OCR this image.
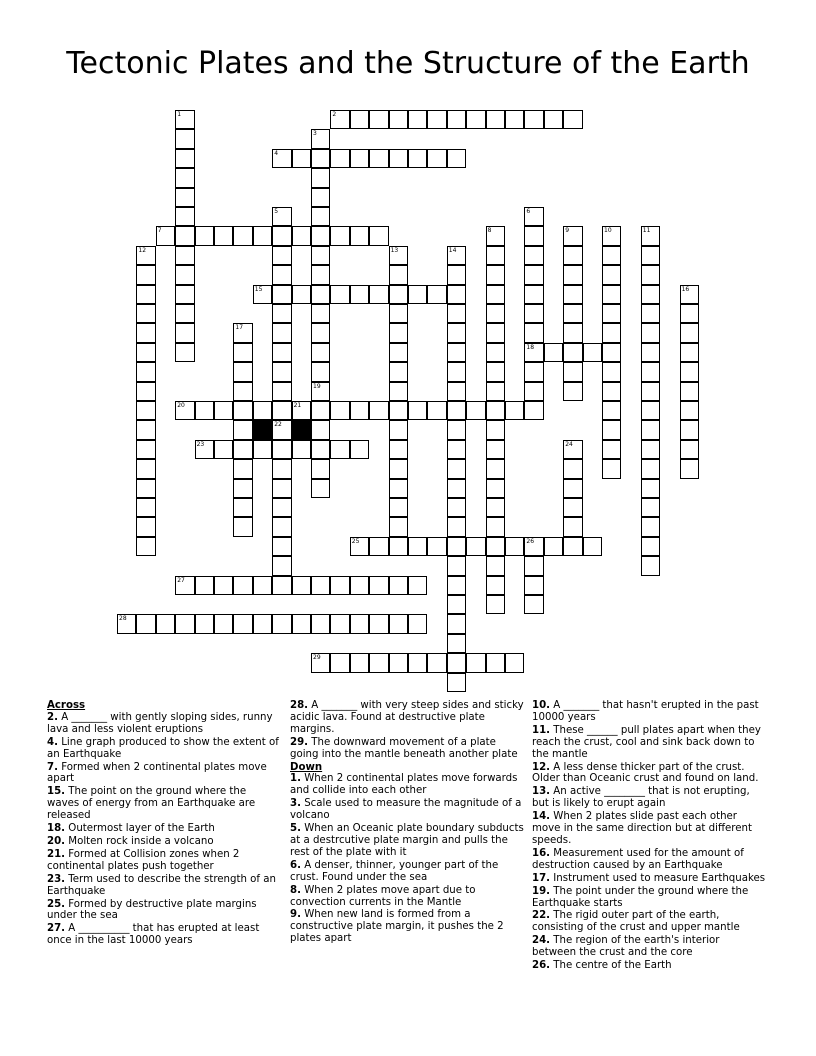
Tectonic Plates and the Structure of the Earth
1	2
3
19
4
5
22
6
18
7	8	9	10	11
12	13	14
15	16
17
20	21
23	24
25	26
27
28
29
Across
2. A _______ with gently sloping sides, runny lava and less violent eruptions
4. Line graph produced to show the extent of an Earthquake
7. Formed when 2 continental plates move apart
15. The point on the ground where the waves of energy from an Earthquake are released
18. Outermost layer of the Earth
20. Molten rock inside a volcano
21. Formed at Collision zones when 2 continental plates push together
23. Term used to describe the strength of an Earthquake
25. Formed by destructive plate margins under the sea
27. A __________ that has erupted at least once in the last 10000 years
28. A _______ with very steep sides and sticky acidic lava. Found at destructive plate margins.
29. The downward movement of a plate going into the mantle beneath another plate
Down
1. When 2 continental plates move forwards and collide into each other
3. Scale used to measure the magnitude of a volcano
5. When an Oceanic plate boundary subducts at a destrcutive plate margin and pulls the rest of the plate with it
6. A denser, thinner, younger part of the crust. Found under the sea
8. When 2 plates move apart due to convection currents in the Mantle
9. When new land is formed from a constructive plate margin, it pushes the 2 plates apart
10. A _______ that hasn't erupted in the past 10000 years
11. These ______ pull plates apart when they reach the crust, cool and sink back down to the mantle
12. A less dense thicker part of the crust. Older than Oceanic crust and found on land.
13. An active ________ that is not erupting, but is likely to erupt again
14. When 2 plates slide past each other move in the same direction but at different speeds.
16. Measurement used for the amount of destruction caused by an Earthquake
17. Instrument used to measure Earthquakes
19. The point under the ground where the Earthquake starts
22. The rigid outer part of the earth, consisting of the crust and upper mantle
24. The region of the earth's interior between the crust and the core
26. The centre of the Earth
